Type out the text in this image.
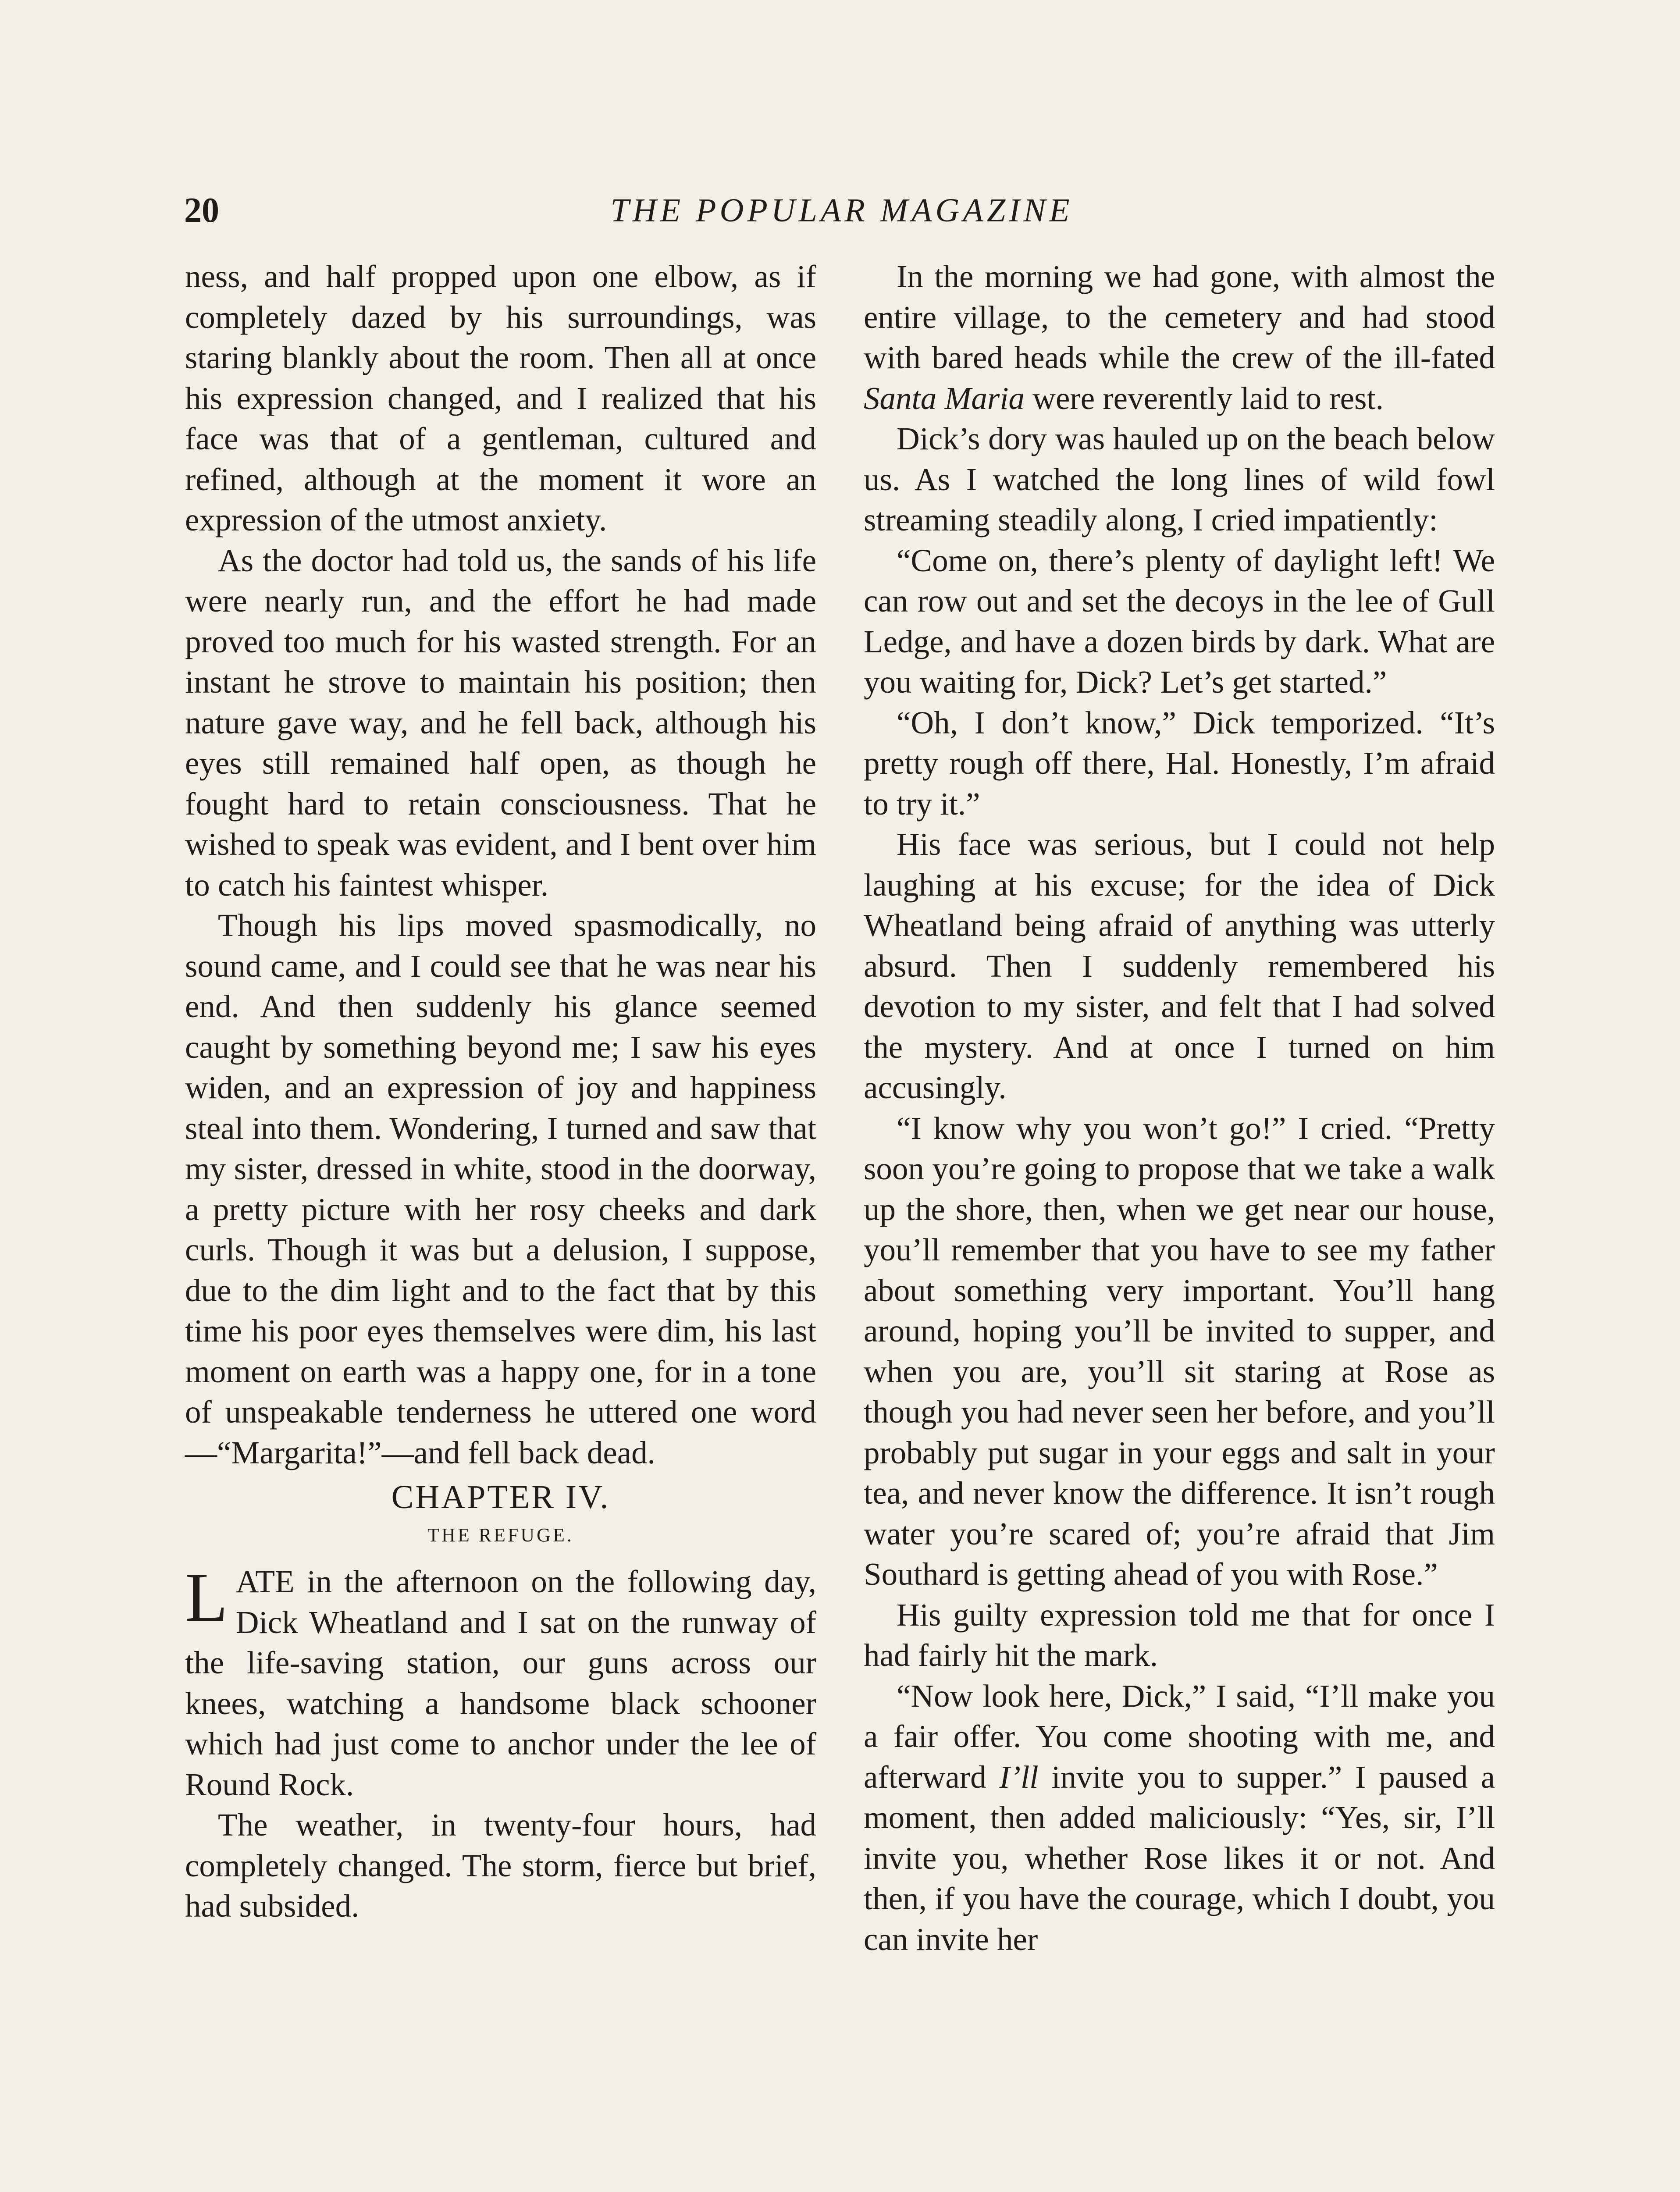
20	THE POPULAR MAGAZINE

ness, and half propped upon one elbow, as if completely dazed by his surroundings, was staring blankly about the room. Then all at once his expression changed, and I realized that his face was that of a gentleman, cultured and refined, although at the moment it wore an expression of the utmost anxiety.

As the doctor had told us, the sands of his life were nearly run, and the effort he had made proved too much for his wasted strength. For an instant he strove to maintain his position; then nature gave way, and he fell back, although his eyes still remained half open, as though he fought hard to retain consciousness. That he wished to speak was evident, and I bent over him to catch his faintest whisper.

Though his lips moved spasmodically, no sound came, and I could see that he was near his end. And then suddenly his glance seemed caught by something beyond me; I saw his eyes widen, and an expression of joy and happiness steal into them. Wondering, I turned and saw that my sister, dressed in white, stood in the doorway, a pretty picture with her rosy cheeks and dark curls. Though it was but a delusion, I suppose, due to the dim light and to the fact that by this time his poor eyes themselves were dim, his last moment on earth was a happy one, for in a tone of unspeakable tenderness he uttered one word—“Margarita!”—and fell back dead.

CHAPTER IV.
THE REFUGE.

LATE in the afternoon on the following day, Dick Wheatland and I sat on the runway of the life-saving station, our guns across our knees, watching a handsome black schooner which had just come to anchor under the lee of Round Rock.

The weather, in twenty-four hours, had completely changed. The storm, fierce but brief, had subsided.

In the morning we had gone, with almost the entire village, to the cemetery and had stood with bared heads while the crew of the ill-fated Santa Maria were reverently laid to rest.

Dick’s dory was hauled up on the beach below us. As I watched the long lines of wild fowl streaming steadily along, I cried impatiently:

“Come on, there’s plenty of daylight left! We can row out and set the decoys in the lee of Gull Ledge, and have a dozen birds by dark. What are you waiting for, Dick? Let’s get started.”

“Oh, I don’t know,” Dick temporized. “It’s pretty rough off there, Hal. Honestly, I’m afraid to try it.”

His face was serious, but I could not help laughing at his excuse; for the idea of Dick Wheatland being afraid of anything was utterly absurd. Then I suddenly remembered his devotion to my sister, and felt that I had solved the mystery. And at once I turned on him accusingly.

“I know why you won’t go!” I cried. “Pretty soon you’re going to propose that we take a walk up the shore, then, when we get near our house, you’ll remember that you have to see my father about something very important. You’ll hang around, hoping you’ll be invited to supper, and when you are, you’ll sit staring at Rose as though you had never seen her before, and you’ll probably put sugar in your eggs and salt in your tea, and never know the difference. It isn’t rough water you’re scared of; you’re afraid that Jim Southard is getting ahead of you with Rose.”

His guilty expression told me that for once I had fairly hit the mark.

“Now look here, Dick,” I said, “I’ll make you a fair offer. You come shooting with me, and afterward I’ll invite you to supper.” I paused a moment, then added maliciously: “Yes, sir, I’ll invite you, whether Rose likes it or not. And then, if you have the courage, which I doubt, you can invite her
